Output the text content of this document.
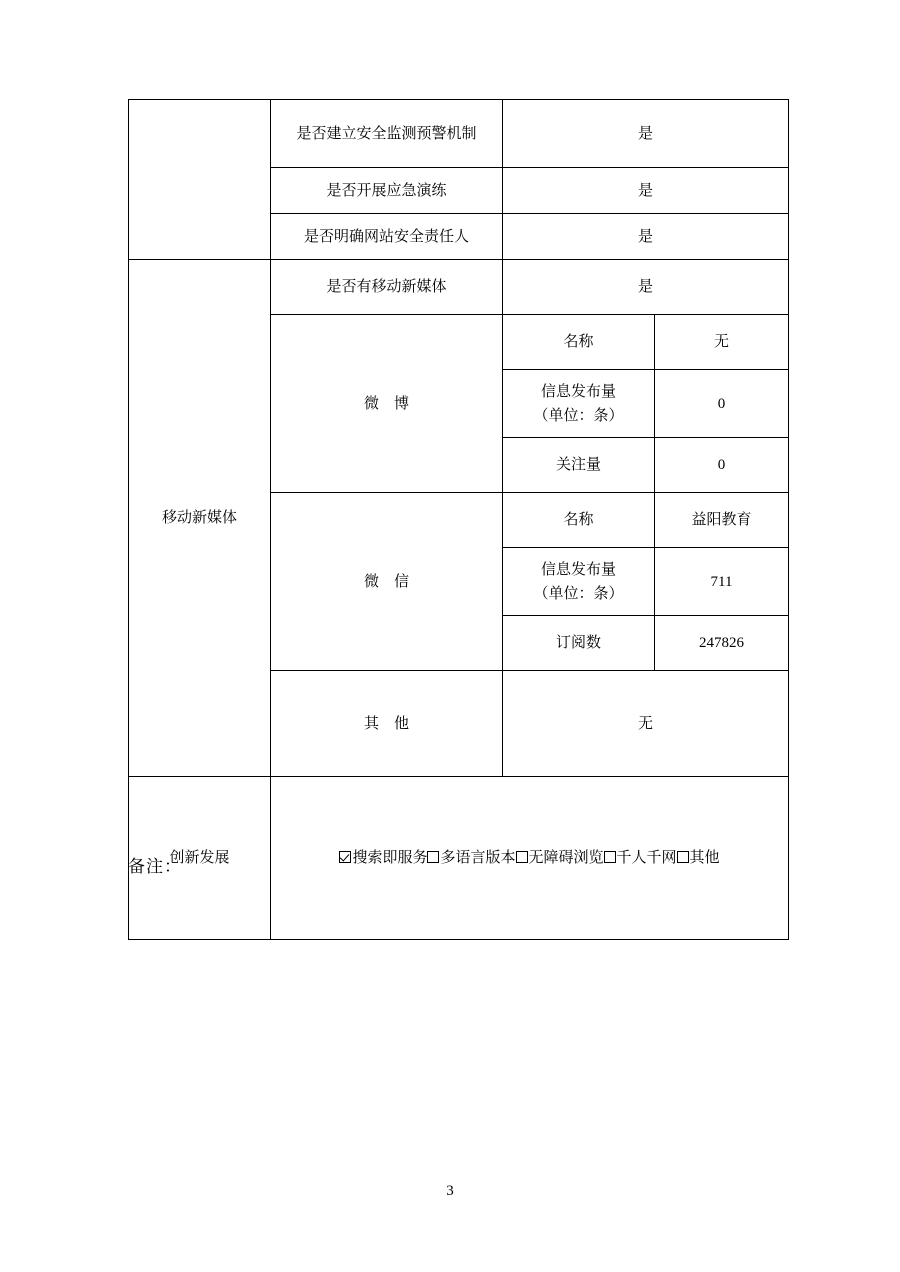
	是否建立安全监测预警机制	是	
	是否开展应急演练	是	
	是否明确网站安全责任人	是	
移动新媒体	是否有移动新媒体	是	
	微　博	名称	无
		信息发布量
（单位：条）	0
		关注量	0
	微　信	名称	益阳教育
		信息发布量
（单位：条）	711
		订阅数	247826
	其　他	无	
创新发展	搜索即服务 多语言版本 无障碍浏览 千人千网 其他		
备注：
3
